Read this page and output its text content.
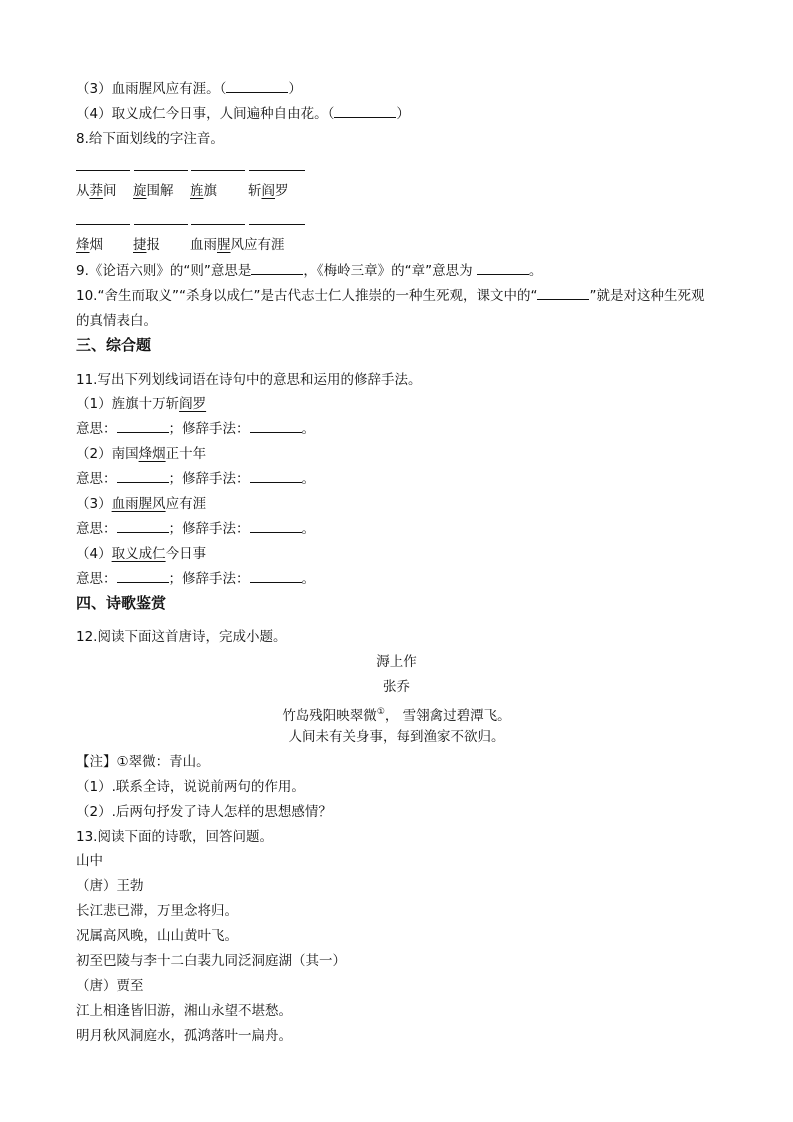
（3）血雨腥风应有涯。（	）
（4）取义成仁今日事，人间遍种自由花。（	）
8.给下面划线的字注音。
从莽间 旋围解 旌旗 斩阎罗
烽烟 捷报 血雨腥风应有涯
9.《论语六则》的“则”意思是	，《梅岭三章》的“章”意思为	。
10.“舍生而取义”“杀身以成仁”是古代志士仁人推崇的一种生死观，课文中的“	”就是对这种生死观
的真情表白。
三、综合题
11.写出下列划线词语在诗句中的意思和运用的修辞手法。
（1）旌旗十万斩阎罗
意思：	；修辞手法：	。
（2）南国烽烟正十年
意思：	；修辞手法：	。
（3）血雨腥风应有涯
意思：	；修辞手法：	。
（4）取义成仁今日事
意思：	；修辞手法：	。
四、诗歌鉴赏
12.阅读下面这首唐诗，完成小题。
溽上作
张乔
竹岛残阳映翠微①， 雪翎禽过碧潭飞。
人间未有关身事，每到渔家不欲归。
【注】①翠微：青山。
（1）.联系全诗，说说前两句的作用。
（2）.后两句抒发了诗人怎样的思想感情？
13.阅读下面的诗歌，回答问题。
山中
（唐）王勃
长江悲已滞，万里念将归。
况属高风晚，山山黄叶飞。
初至巴陵与李十二白裴九同泛洞庭湖（其一）
（唐）贾至
江上相逢皆旧游，湘山永望不堪愁。
明月秋风洞庭水，孤鸿落叶一扁舟。
